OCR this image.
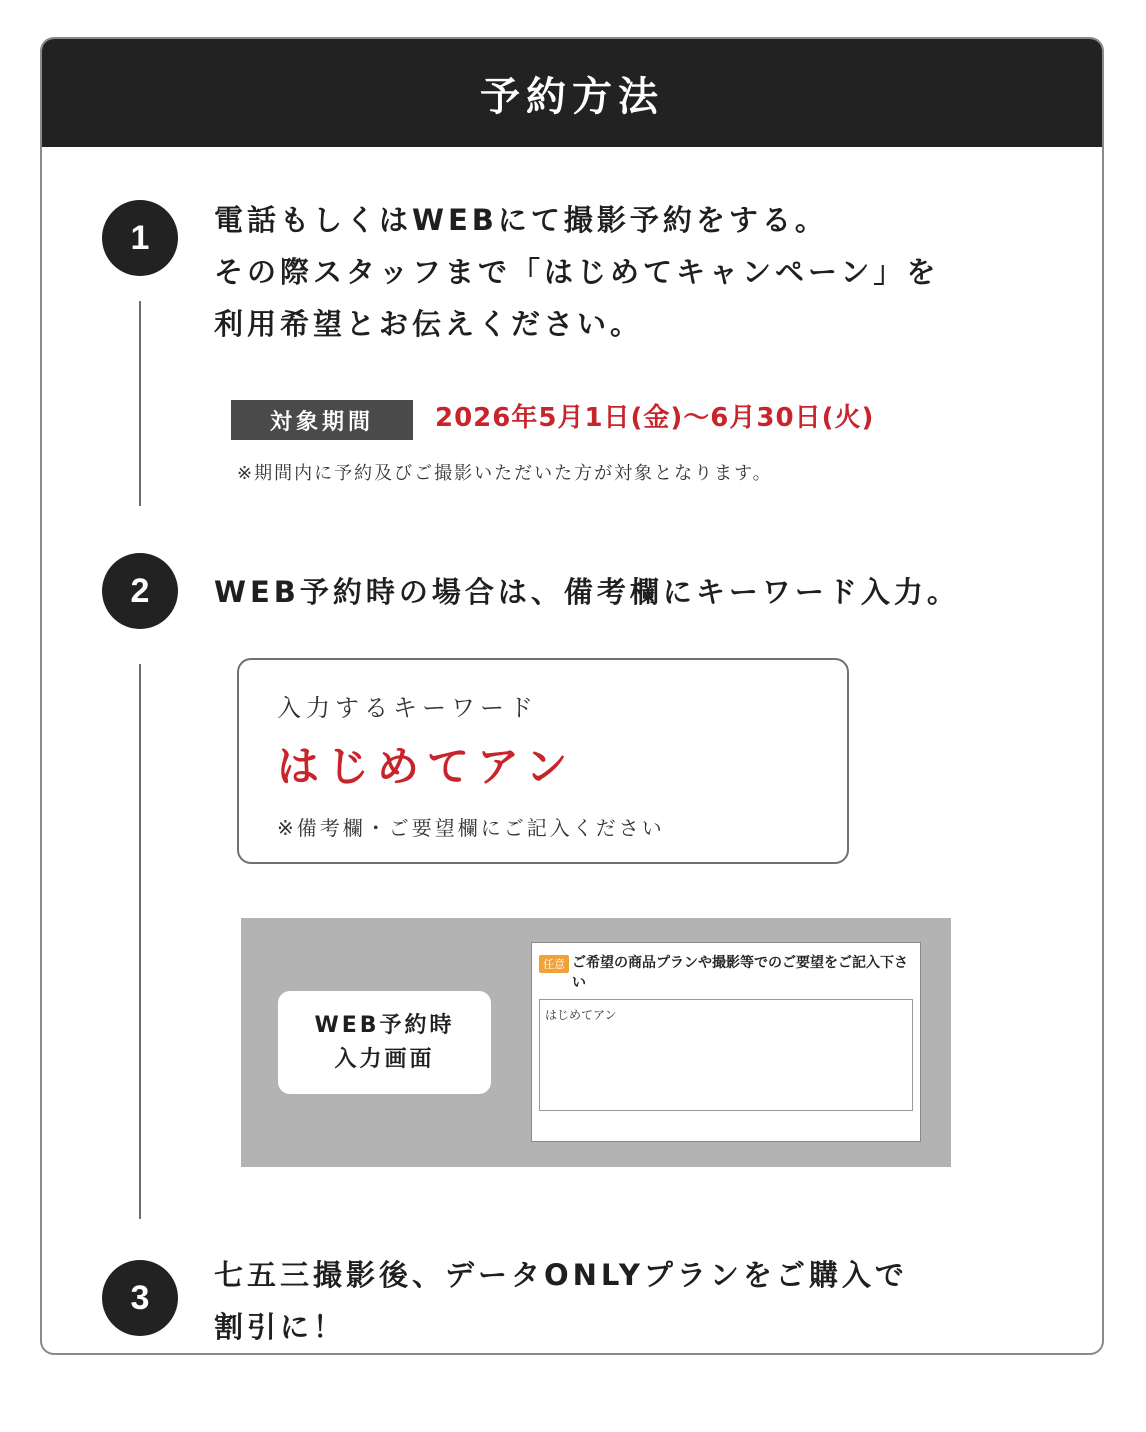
予約方法
1	電話もしくはWEBにて撮影予約をする。
その際スタッフまで「はじめてキャンペーン」を
利用希望とお伝えください。
対象期間	2026年5月1日(金)〜6月30日(火)
※期間内に予約及びご撮影いただいた方が対象となります。
2	WEB予約時の場合は、備考欄にキーワード入力。
入力するキーワード
はじめてアン
※備考欄・ご要望欄にご記入ください
WEB予約時
入力画面
任意 ご希望の商品プランや撮影等でのご要望をご記入下さい
はじめてアン
3
七五三撮影後、データONLYプランをご購入で
割引に！
